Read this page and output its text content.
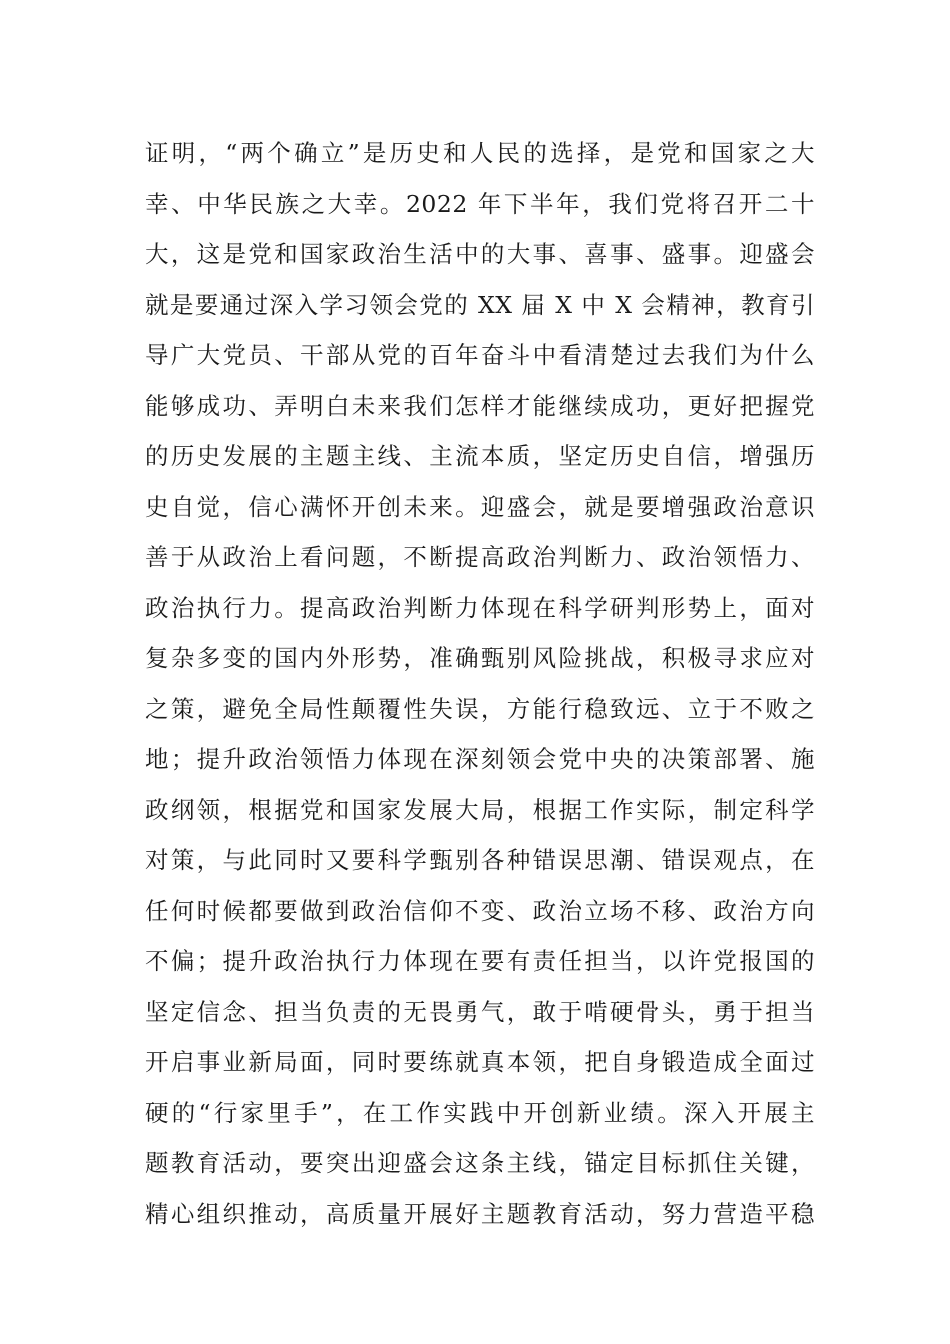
证明，“两个确立”是历史和人民的选择，是党和国家之大
幸、中华民族之大幸。2022 年下半年，我们党将召开二十
大，这是党和国家政治生活中的大事、喜事、盛事。迎盛会
就是要通过深入学习领会党的 XX 届 X 中 X 会精神，教育引
导广大党员、干部从党的百年奋斗中看清楚过去我们为什么
能够成功、弄明白未来我们怎样才能继续成功，更好把握党
的历史发展的主题主线、主流本质，坚定历史自信，增强历
史自觉，信心满怀开创未来。迎盛会，就是要增强政治意识
善于从政治上看问题，不断提高政治判断力、政治领悟力、
政治执行力。提高政治判断力体现在科学研判形势上，面对
复杂多变的国内外形势，准确甄别风险挑战，积极寻求应对
之策，避免全局性颠覆性失误，方能行稳致远、立于不败之
地；提升政治领悟力体现在深刻领会党中央的决策部署、施
政纲领，根据党和国家发展大局，根据工作实际，制定科学
对策，与此同时又要科学甄别各种错误思潮、错误观点，在
任何时候都要做到政治信仰不变、政治立场不移、政治方向
不偏；提升政治执行力体现在要有责任担当，以许党报国的
坚定信念、担当负责的无畏勇气，敢于啃硬骨头，勇于担当
开启事业新局面，同时要练就真本领，把自身锻造成全面过
硬的“行家里手”，在工作实践中开创新业绩。深入开展主
题教育活动，要突出迎盛会这条主线，锚定目标抓住关键，
精心组织推动，高质量开展好主题教育活动，努力营造平稳
